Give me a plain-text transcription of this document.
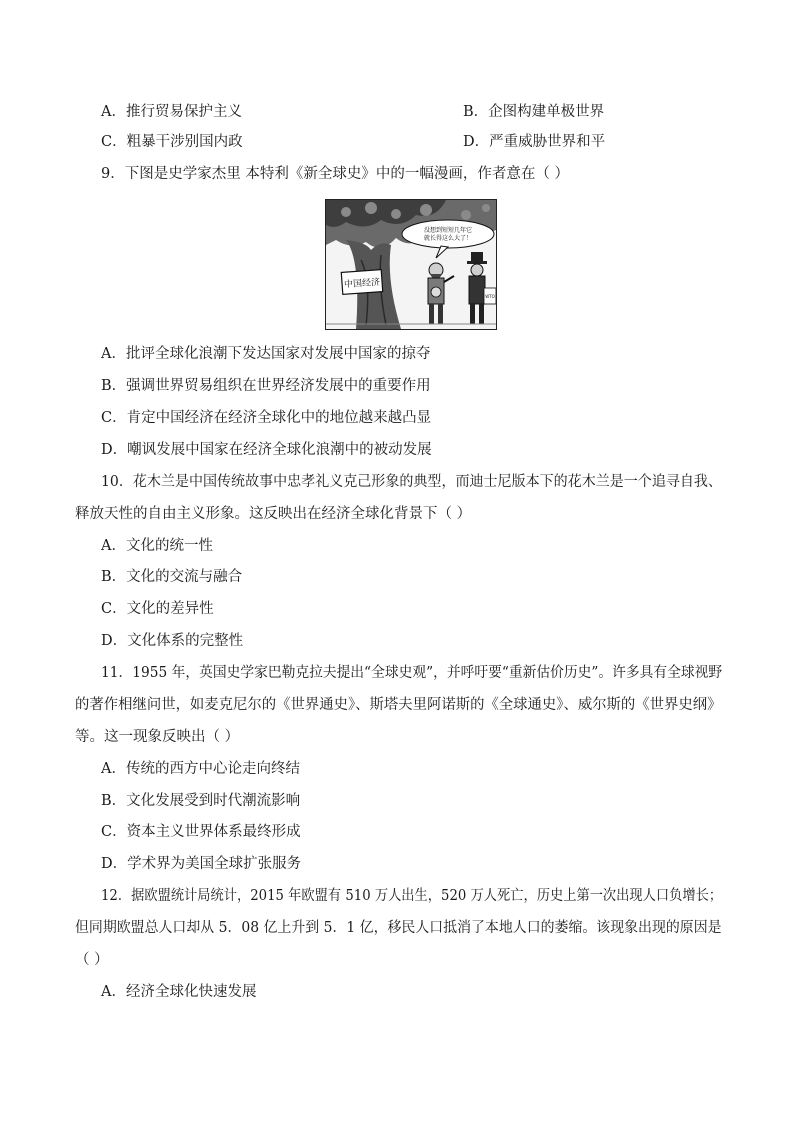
A．推行贸易保护主义	B．企图构建单极世界
C．粗暴干涉别国内政	D．严重威胁世界和平
9．下图是史学家杰里 本特利《新全球史》中的一幅漫画，作者意在（ ）
中国经济
没想到短短几年它
就长得这么大了！
WTO
A．批评全球化浪潮下发达国家对发展中国家的掠夺
B．强调世界贸易组织在世界经济发展中的重要作用
C．肯定中国经济在经济全球化中的地位越来越凸显
D．嘲讽发展中国家在经济全球化浪潮中的被动发展
10．花木兰是中国传统故事中忠孝礼义克己形象的典型，而迪士尼版本下的花木兰是一个追寻自我、
释放天性的自由主义形象。这反映出在经济全球化背景下（ ）
A．文化的统一性
B．文化的交流与融合
C．文化的差异性
D．文化体系的完整性
11．1955 年，英国史学家巴勒克拉夫提出“全球史观”，并呼吁要“重新估价历史”。许多具有全球视野
的著作相继问世，如麦克尼尔的《世界通史》、斯塔夫里阿诺斯的《全球通史》、威尔斯的《世界史纲》
等。这一现象反映出（ ）
A．传统的西方中心论走向终结
B．文化发展受到时代潮流影响
C．资本主义世界体系最终形成
D．学术界为美国全球扩张服务
12．据欧盟统计局统计，2015 年欧盟有 510 万人出生，520 万人死亡，历史上第一次出现人口负增长；
但同期欧盟总人口却从 5．08 亿上升到 5．1 亿，移民人口抵消了本地人口的萎缩。该现象出现的原因是
（ ）
A．经济全球化快速发展
